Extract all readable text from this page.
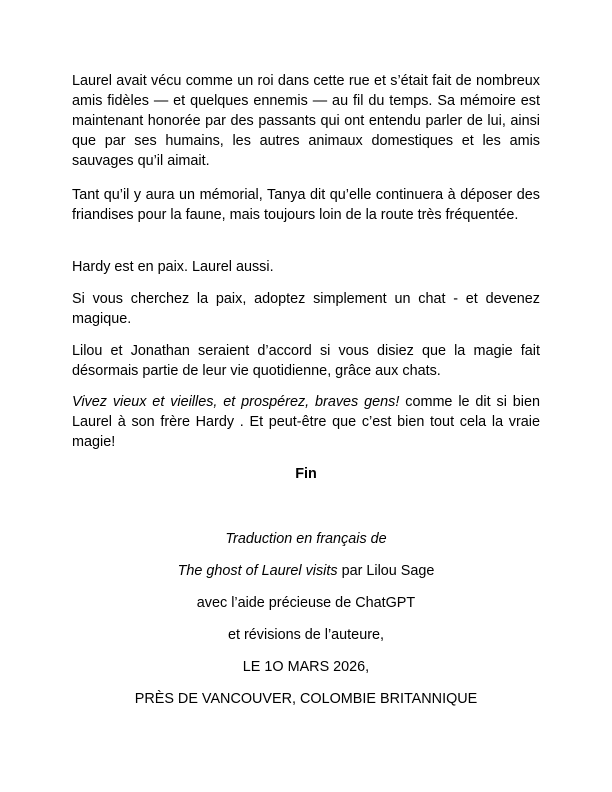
Laurel avait vécu comme un roi dans cette rue et s’était fait de nombreux amis fidèles — et quelques ennemis — au fil du temps. Sa mémoire est maintenant honorée par des passants qui ont entendu parler de lui, ainsi que par ses humains, les autres animaux domestiques et les amis sauvages qu’il aimait.

Tant qu’il y aura un mémorial, Tanya dit qu’elle continuera à déposer des friandises pour la faune, mais toujours loin de la route très fréquentée.

Hardy est en paix. Laurel aussi.

Si vous cherchez la paix, adoptez simplement un chat - et devenez magique.

Lilou et Jonathan seraient d’accord si vous disiez que la magie fait désormais partie de leur vie quotidienne, grâce aux chats.

Vivez vieux et vieilles, et prospérez, braves gens! comme le dit si bien Laurel à son frère Hardy . Et peut-être que c’est bien tout cela la vraie magie!

Fin

Traduction en français de

The ghost of Laurel visits par Lilou Sage

avec l’aide précieuse de ChatGPT

et révisions de l’auteure,

LE 1O MARS 2026,

PRÈS DE VANCOUVER, COLOMBIE BRITANNIQUE
